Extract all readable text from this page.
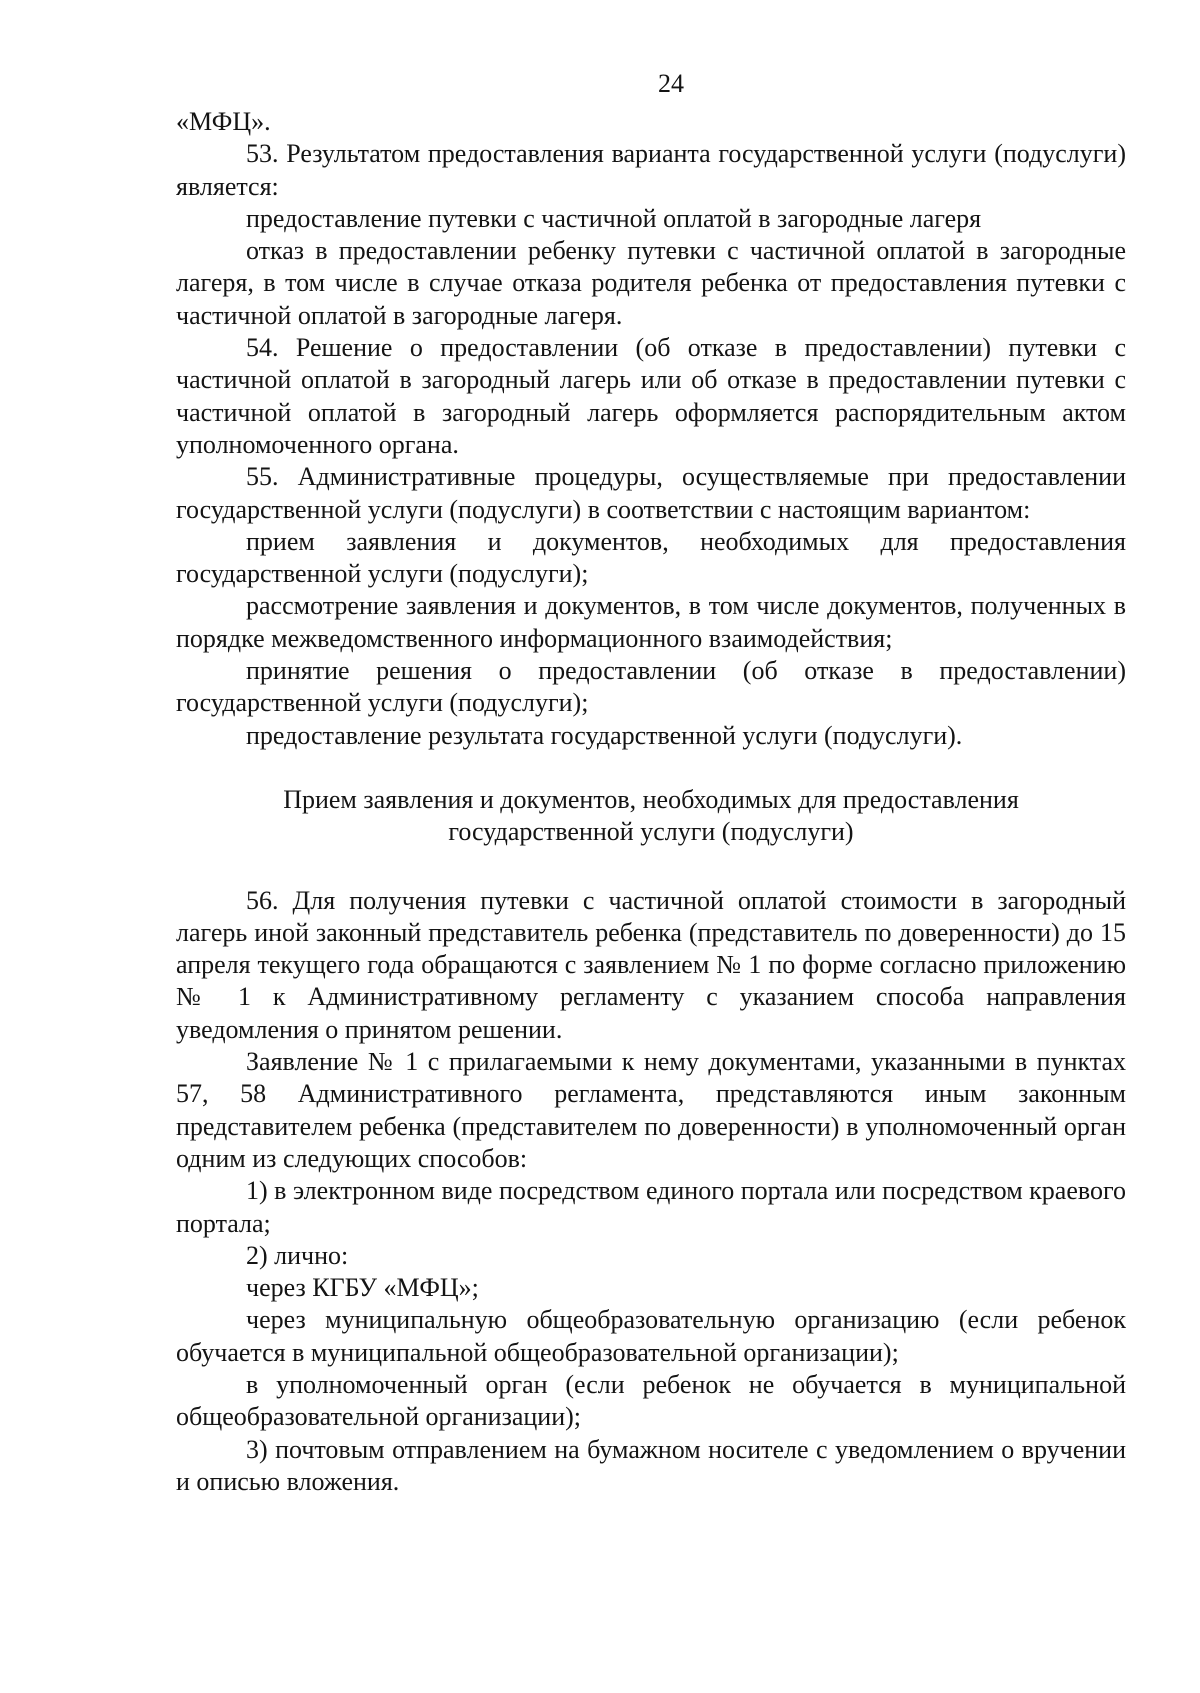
24

«МФЦ».

53. Результатом предоставления варианта государственной услуги (подуслуги) является:

предоставление путевки с частичной оплатой в загородные лагеря

отказ в предоставлении ребенку путевки с частичной оплатой в загородные лагеря, в том числе в случае отказа родителя ребенка от предоставления путевки с частичной оплатой в загородные лагеря.

54. Решение о предоставлении (об отказе в предоставлении) путевки с частичной оплатой в загородный лагерь или об отказе в предоставлении путевки с частичной оплатой в загородный лагерь оформляется распорядительным актом уполномоченного органа.

55. Административные процедуры, осуществляемые при предоставлении государственной услуги (подуслуги) в соответствии с настоящим вариантом:

прием заявления и документов, необходимых для предоставления государственной услуги (подуслуги);

рассмотрение заявления и документов, в том числе документов, полученных в порядке межведомственного информационного взаимодействия;

принятие решения о предоставлении (об отказе в предоставлении) государственной услуги (подуслуги);

предоставление результата государственной услуги (подуслуги).

Прием заявления и документов, необходимых для предоставления
государственной услуги (подуслуги)

56. Для получения путевки с частичной оплатой стоимости в загородный лагерь иной законный представитель ребенка (представитель по доверенности) до 15 апреля текущего года обращаются с заявлением № 1 по форме согласно приложению № 1 к Административному регламенту с указанием способа направления уведомления о принятом решении.

Заявление № 1 с прилагаемыми к нему документами, указанными в пунктах 57, 58 Административного регламента, представляются иным законным представителем ребенка (представителем по доверенности) в уполномоченный орган одним из следующих способов:

1) в электронном виде посредством единого портала или посредством краевого портала;

2) лично:

через КГБУ «МФЦ»;

через муниципальную общеобразовательную организацию (если ребенок обучается в муниципальной общеобразовательной организации);

в уполномоченный орган (если ребенок не обучается в муниципальной общеобразовательной организации);

3) почтовым отправлением на бумажном носителе с уведомлением о вручении и описью вложения.
